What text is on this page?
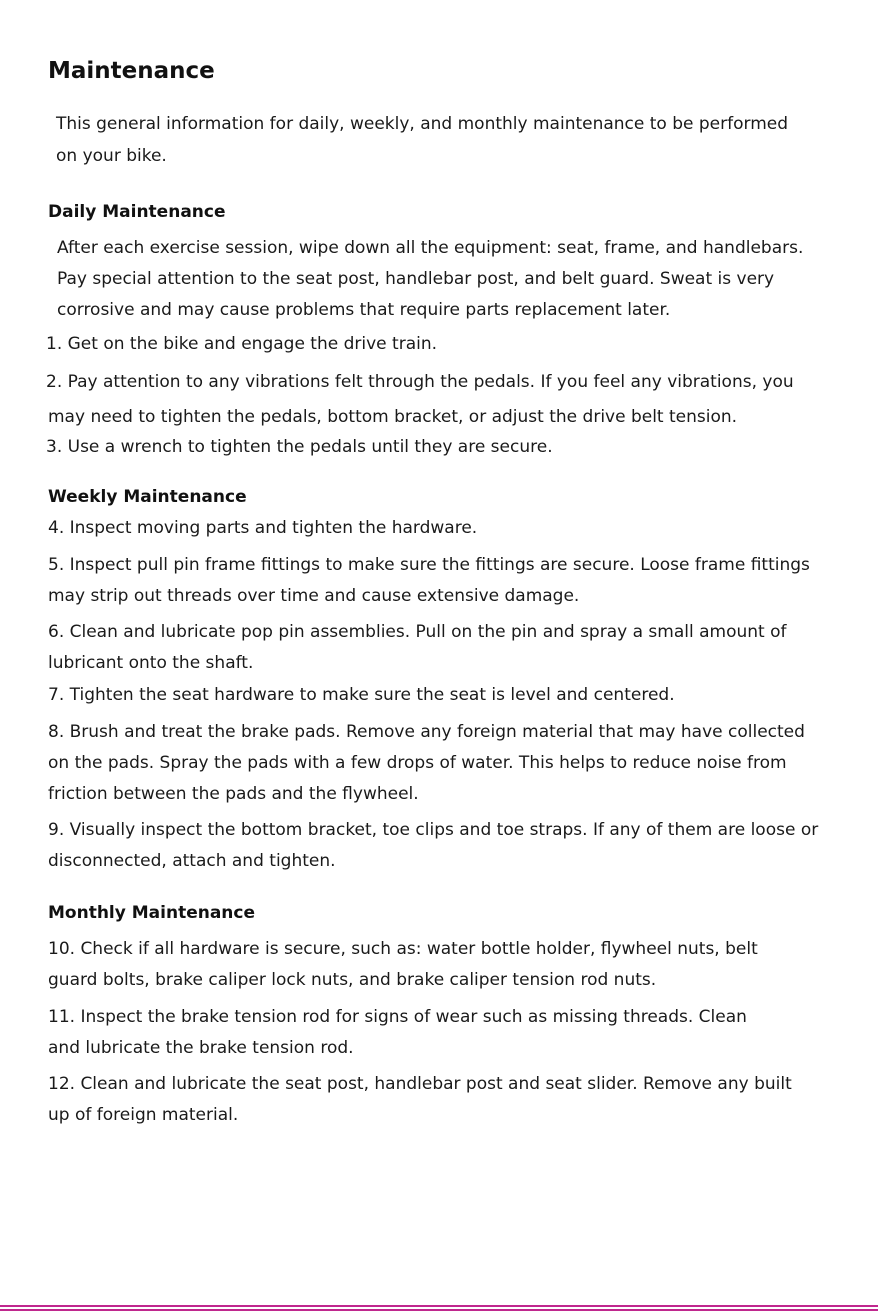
Maintenance

This general information for daily, weekly, and monthly maintenance to be performed
on your bike.

Daily Maintenance

After each exercise session, wipe down all the equipment: seat, frame, and handlebars.
Pay special attention to the seat post, handlebar post, and belt guard. Sweat is very
corrosive and may cause problems that require parts replacement later.

1. Get on the bike and engage the drive train.

2. Pay attention to any vibrations felt through the pedals. If you feel any vibrations, you
may need to tighten the pedals, bottom bracket, or adjust the drive belt tension.

3. Use a wrench to tighten the pedals until they are secure.

Weekly Maintenance

4. Inspect moving parts and tighten the hardware.

5. Inspect pull pin frame fittings to make sure the fittings are secure. Loose frame fittings
may strip out threads over time and cause extensive damage.

6. Clean and lubricate pop pin assemblies. Pull on the pin and spray a small amount of
lubricant onto the shaft.

7. Tighten the seat hardware to make sure the seat is level and centered.

8. Brush and treat the brake pads. Remove any foreign material that may have collected
on the pads. Spray the pads with a few drops of water. This helps to reduce noise from
friction between the pads and the flywheel.

9. Visually inspect the bottom bracket, toe clips and toe straps. If any of them are loose or
disconnected, attach and tighten.

Monthly Maintenance

10. Check if all hardware is secure, such as: water bottle holder, flywheel nuts, belt
guard bolts, brake caliper lock nuts, and brake caliper tension rod nuts.

11. Inspect the brake tension rod for signs of wear such as missing threads. Clean
and lubricate the brake tension rod.

12. Clean and lubricate the seat post, handlebar post and seat slider. Remove any built
up of foreign material.
